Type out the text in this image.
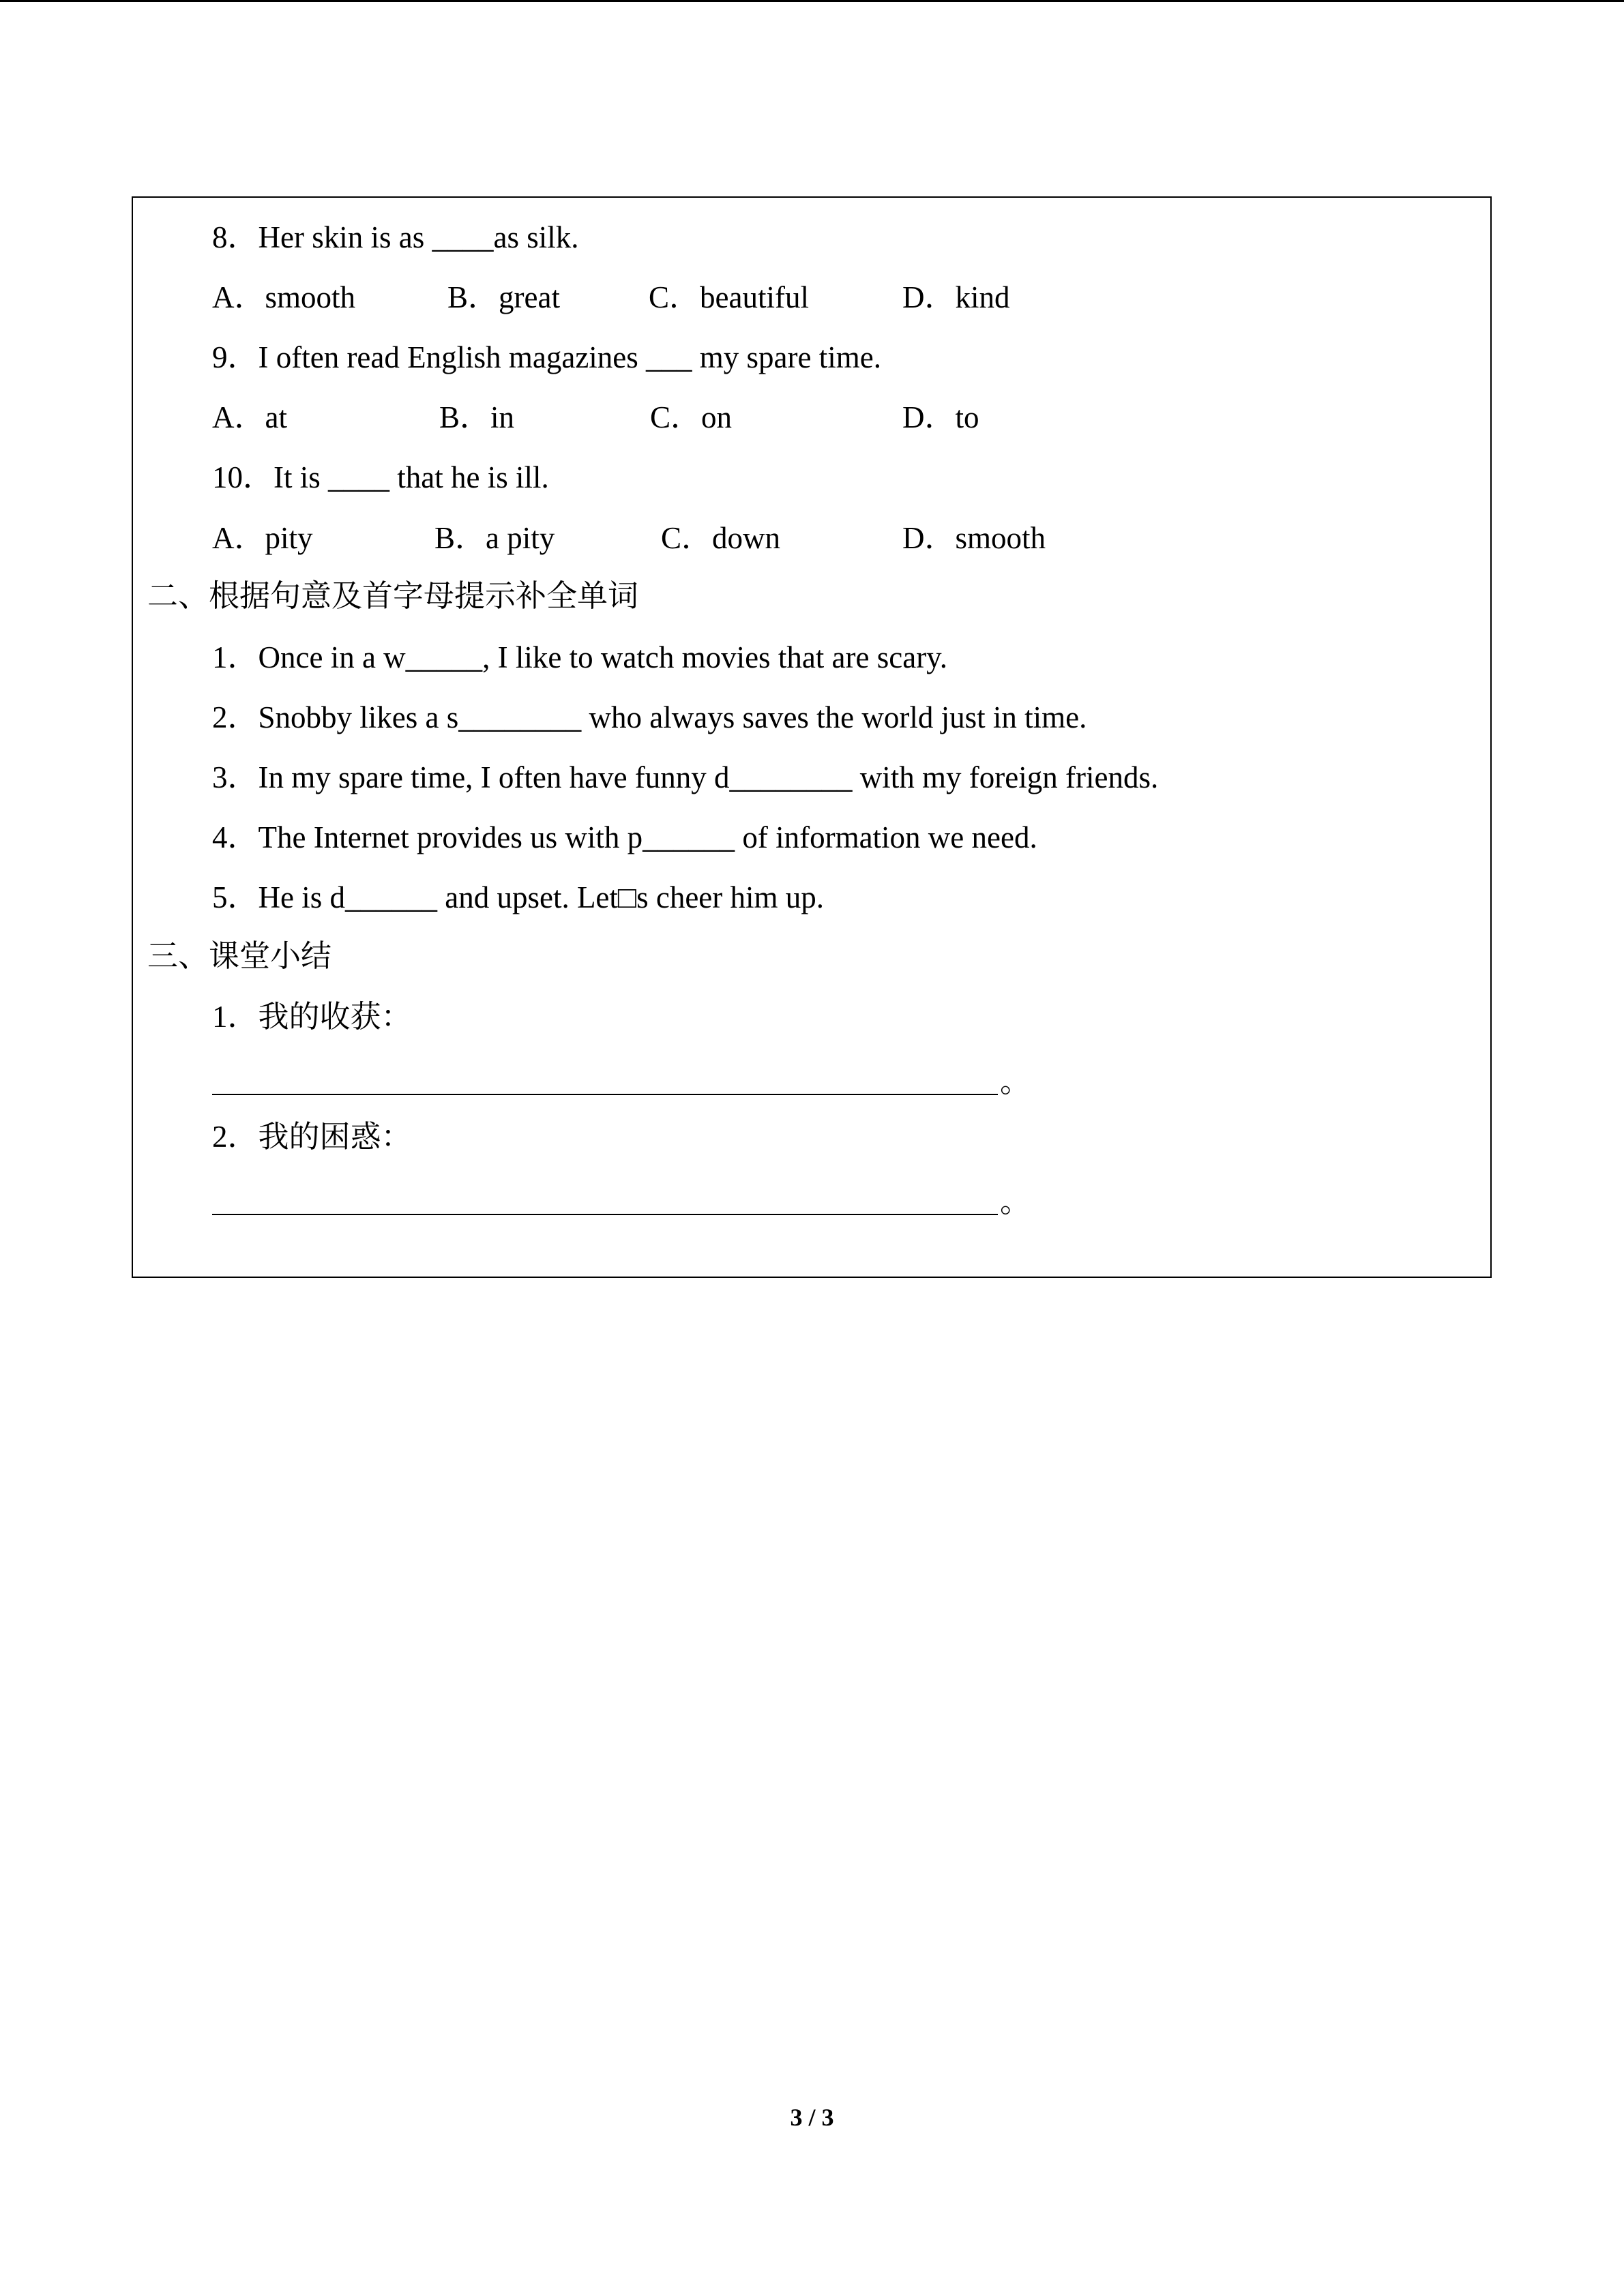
8．Her skin is as ____as silk.
A．smooth	B．great	C．beautiful	D．kind
9．I often read English magazines ___ my spare time.
A．at	B．in	C．on	D．to
10．It is ____ that he is ill.
A．pity	B．a pity	C．down	D．smooth
二、根据句意及首字母提示补全单词
1．Once in a w_____, I like to watch movies that are scary.
2．Snobby likes a s________ who always saves the world just in time.
3．In my spare time, I often have funny d________ with my foreign friends.
4．The Internet provides us with p______ of information we need.
5．He is d______ and upset. Let□s cheer him up.
三、课堂小结
1．我的收获：
。
2．我的困惑：
。
3 / 3
